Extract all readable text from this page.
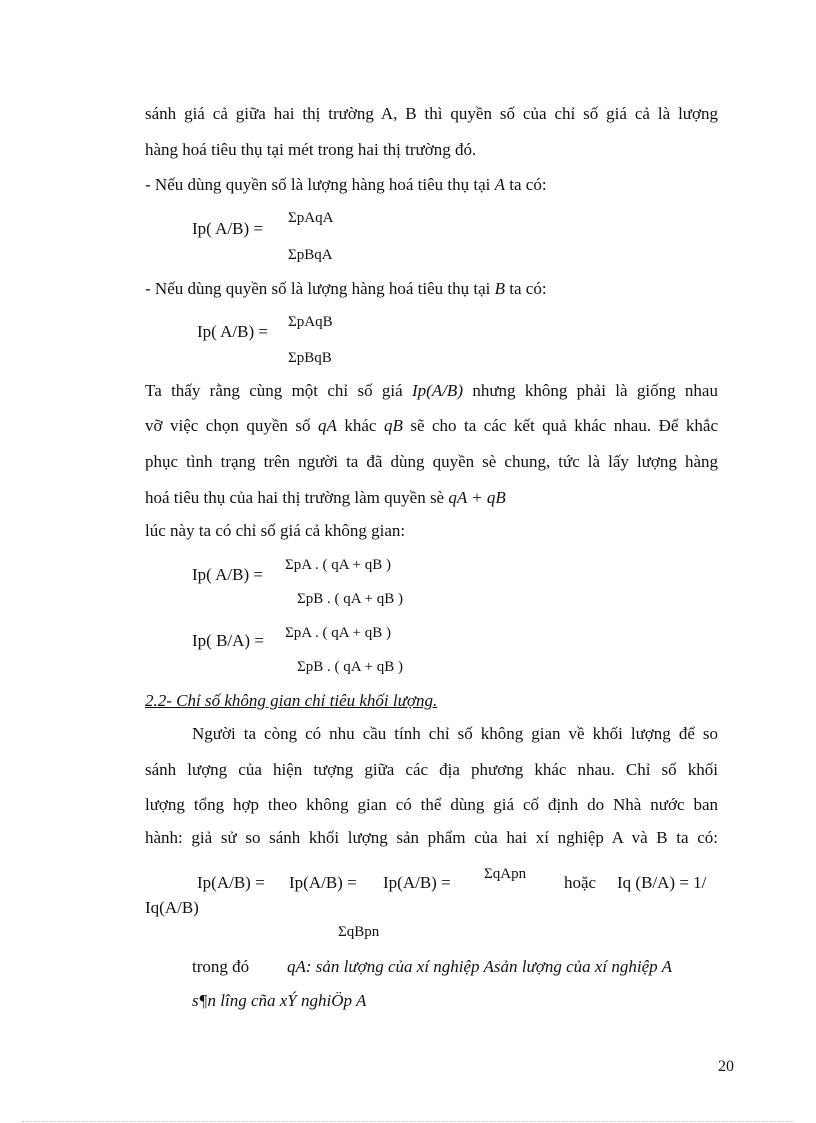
sánh giá cả giữa hai thị trường A, B thì quyền số của chỉ số giá cả là lượng
hàng hoá tiêu thụ tại mét trong hai thị trường đó.
- Nếu dùng quyền số là lượng hàng hoá tiêu thụ tại A ta có:
Ip( A/B) =
ΣpAqA
ΣpBqA
- Nếu dùng quyền số là lượng hàng hoá tiêu thụ tại B ta có:
Ip( A/B) = ΣpAqB
ΣpBqB
Ta thấy rằng cùng một chỉ số giá Ip(A/B) nhưng không phải là giống nhau
vỡ việc chọn quyền số qA khác qB sẽ cho ta các kết quả khác nhau. Để khắc
phục tình trạng trên người ta đã dùng quyền sè chung, tức là lấy lượng hàng
hoá tiêu thụ của hai thị trường làm quyền sè qA + qB
lúc này ta có chỉ số giá cả không gian:
Ip( A/B) = ΣpA . ( qA + qB )
ΣpB . ( qA + qB )
Ip( B/A) = ΣpA . ( qA + qB )
ΣpB . ( qA + qB )
2.2- Chỉ số không gian chỉ tiêu khối lượng.
Người ta còng có nhu cầu tính chỉ số không gian về khối lượng để so
sánh lượng của hiện tượng giữa các địa phương khác nhau. Chỉ số khối
lượng tổng hợp theo không gian có thể dùng giá cố định do Nhà nước ban
hành: giả sử so sánh khối lượng sản phẩm của hai xí nghiệp A và B ta có:
Ip(A/B) = Ip(A/B) = Ip(A/B) = ΣqApn hoặc Iq (B/A) = 1/
Iq(A/B)
ΣqBpn
trong đó qA: sản lượng của xí nghiệp Asản lượng của xí nghiệp A
s¶n lîng cña xÝ nghiÖp A
20
